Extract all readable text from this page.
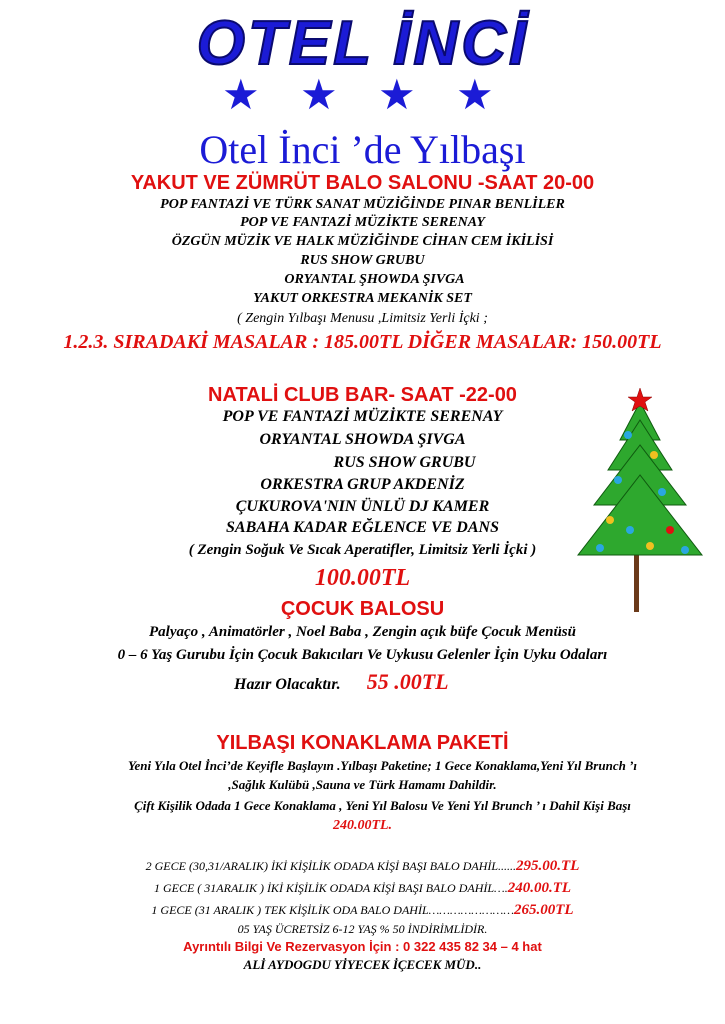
OTEL İNCİ
★ ★ ★ ★
Otel İnci ’de Yılbaşı
YAKUT VE ZÜMRÜT BALO SALONU -SAAT 20-00
POP FANTAZİ VE TÜRK SANAT MÜZİĞİNDE PINAR BENLİLER
POP VE FANTAZİ MÜZİKTE SERENAY
ÖZGÜN MÜZİK VE HALK MÜZİĞİNDE CİHAN CEM İKİLİSİ
RUS SHOW GRUBU
ORYANTAL ŞHOWDA ŞIVGA
YAKUT ORKESTRA MEKANİK SET
( Zengin Yılbaşı Menusu ,Limitsiz Yerli İçki ;
1.2.3. SIRADAKİ MASALAR : 185.00TL DİĞER MASALAR: 150.00TL
NATALİ CLUB BAR- SAAT -22-00
POP VE FANTAZİ MÜZİKTE SERENAY
ORYANTAL SHOWDA ŞIVGA
RUS SHOW GRUBU
ORKESTRA GRUP AKDENİZ
ÇUKUROVA'NIN ÜNLÜ DJ KAMER
SABAHA KADAR EĞLENCE VE DANS
( Zengin Soğuk Ve Sıcak Aperatifler, Limitsiz Yerli İçki )
100.00TL
ÇOCUK BALOSU
Palyaço , Animatörler , Noel Baba , Zengin açık büfe Çocuk Menüsü
0 – 6 Yaş Gurubu İçin Çocuk Bakıcıları Ve Uykusu Gelenler İçin Uyku Odaları
Hazır Olacaktır. 55 .00TL
YILBAŞI KONAKLAMA PAKETİ
Yeni Yıla Otel İnci’de Keyifle Başlayın .Yılbaşı Paketine; 1 Gece Konaklama,Yeni Yıl Brunch ’ı
,Sağlık Kulübü ,Sauna ve Türk Hamamı Dahildir.
Çift Kişilik Odada 1 Gece Konaklama , Yeni Yıl Balosu Ve Yeni Yıl Brunch ’ ı Dahil Kişi Başı
240.00TL.
2 GECE (30,31/ARALIK) İKİ KİŞİLİK ODADA KİŞİ BAŞI BALO DAHİL......295.00.TL
1 GECE ( 31ARALIK ) İKİ KİŞİLİK ODADA KİŞİ BAŞI BALO DAHİL….240.00.TL
1 GECE (31 ARALIK ) TEK KİŞİLİK ODA BALO DAHİL……………………265.00TL
05 YAŞ ÜCRETSİZ 6-12 YAŞ % 50 İNDİRİMLİDİR.
Ayrıntılı Bilgi Ve Rezervasyon İçin : 0 322 435 82 34 – 4 hat
ALİ AYDOGDU YİYECEK İÇECEK MÜD..
